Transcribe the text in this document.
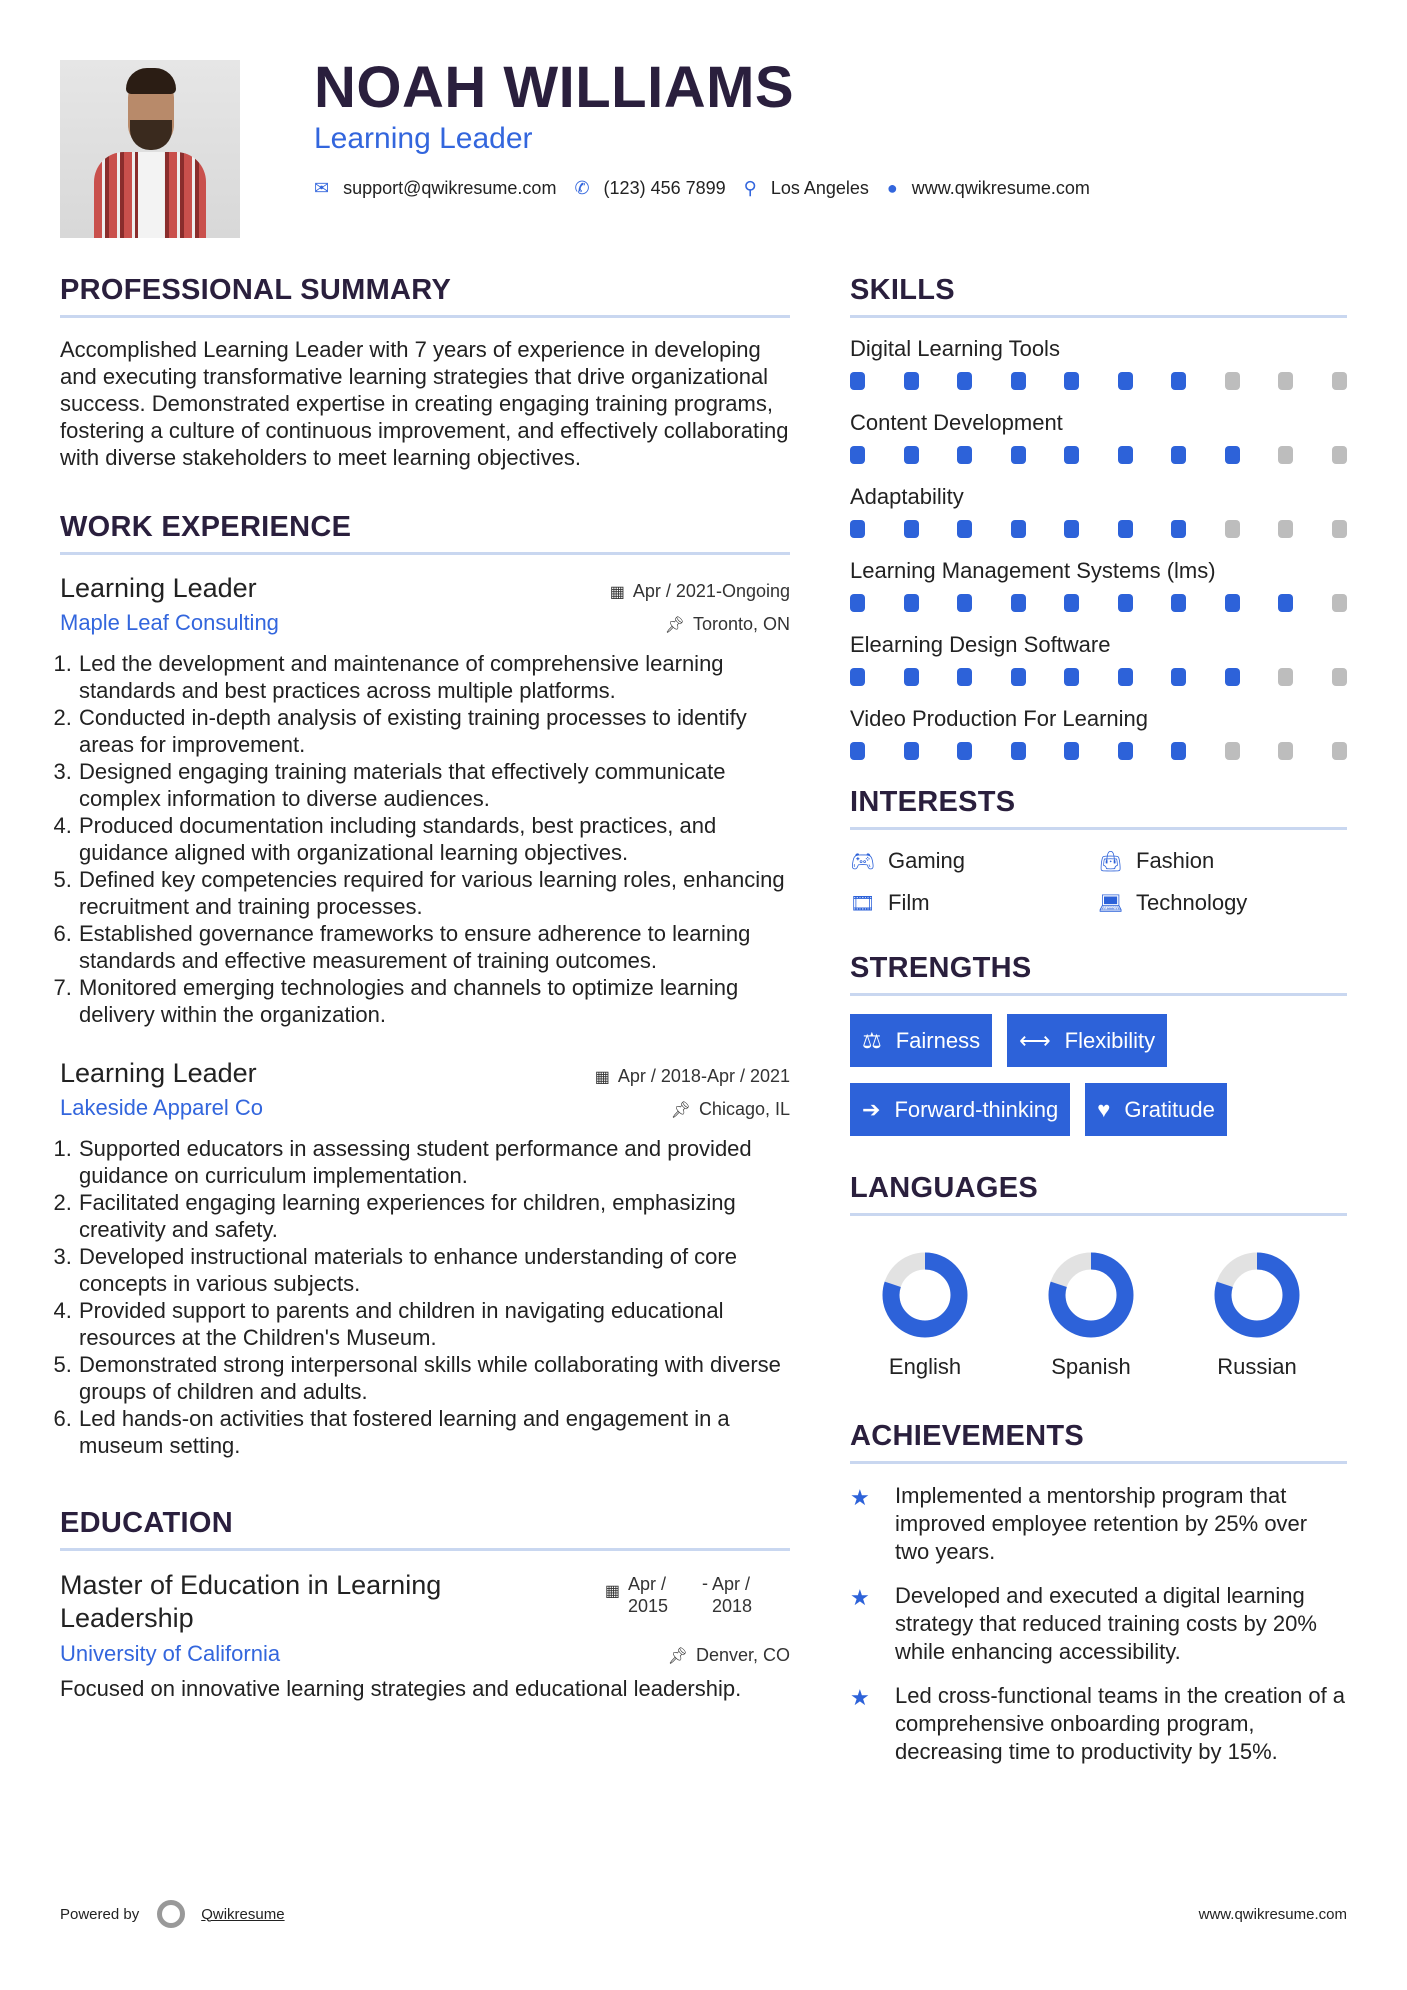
NOAH WILLIAMS
Learning Leader
✉ support@qwikresume.com ✆ (123) 456 7899 ⚲ Los Angeles ● www.qwikresume.com
PROFESSIONAL SUMMARY

Accomplished Learning Leader with 7 years of experience in developing and executing transformative learning strategies that drive organizational success. Demonstrated expertise in creating engaging training programs, fostering a culture of continuous improvement, and effectively collaborating with diverse stakeholders to meet learning objectives.

WORK EXPERIENCE
Learning Leader	▦ Apr / 2021-Ongoing
Maple Leaf Consulting	📌︎ Toronto, ON
1. Led the development and maintenance of comprehensive learning standards and best practices across multiple platforms.
2. Conducted in-depth analysis of existing training processes to identify areas for improvement.
3. Designed engaging training materials that effectively communicate complex information to diverse audiences.
4. Produced documentation including standards, best practices, and guidance aligned with organizational learning objectives.
5. Defined key competencies required for various learning roles, enhancing recruitment and training processes.
6. Established governance frameworks to ensure adherence to learning standards and effective measurement of training outcomes.
7. Monitored emerging technologies and channels to optimize learning delivery within the organization.
Learning Leader	▦ Apr / 2018-Apr / 2021
Lakeside Apparel Co	📌︎ Chicago, IL
1. Supported educators in assessing student performance and provided guidance on curriculum implementation.
2. Facilitated engaging learning experiences for children, emphasizing creativity and safety.
3. Developed instructional materials to enhance understanding of core concepts in various subjects.
4. Provided support to parents and children in navigating educational resources at the Children's Museum.
5. Demonstrated strong interpersonal skills while collaborating with diverse groups of children and adults.
6. Led hands-on activities that fostered learning and engagement in a museum setting.
EDUCATION
Master of Education in Learning Leadership
▦ Apr / 2015
- Apr / 2018
University of California	📌︎ Denver, CO

Focused on innovative learning strategies and educational leadership.

SKILLS
Digital Learning Tools
Content Development
Adaptability
Learning Management Systems (lms)
Elearning Design Software
Video Production For Learning
INTERESTS
🎮︎ Gaming	👜︎ Fashion
🎞︎ Film	💻︎ Technology
STRENGTHS
⚖ Fairness ⟷ Flexibility
➔ Forward-thinking ♥ Gratitude
LANGUAGES
English	Spanish	Russian
ACHIEVEMENTS
★	Implemented a mentorship program that improved employee retention by 25% over two years.
★	Developed and executed a digital learning strategy that reduced training costs by 20% while enhancing accessibility.
★	Led cross-functional teams in the creation of a comprehensive onboarding program, decreasing time to productivity by 15%.
Powered by	Qwikresume	www.qwikresume.com
